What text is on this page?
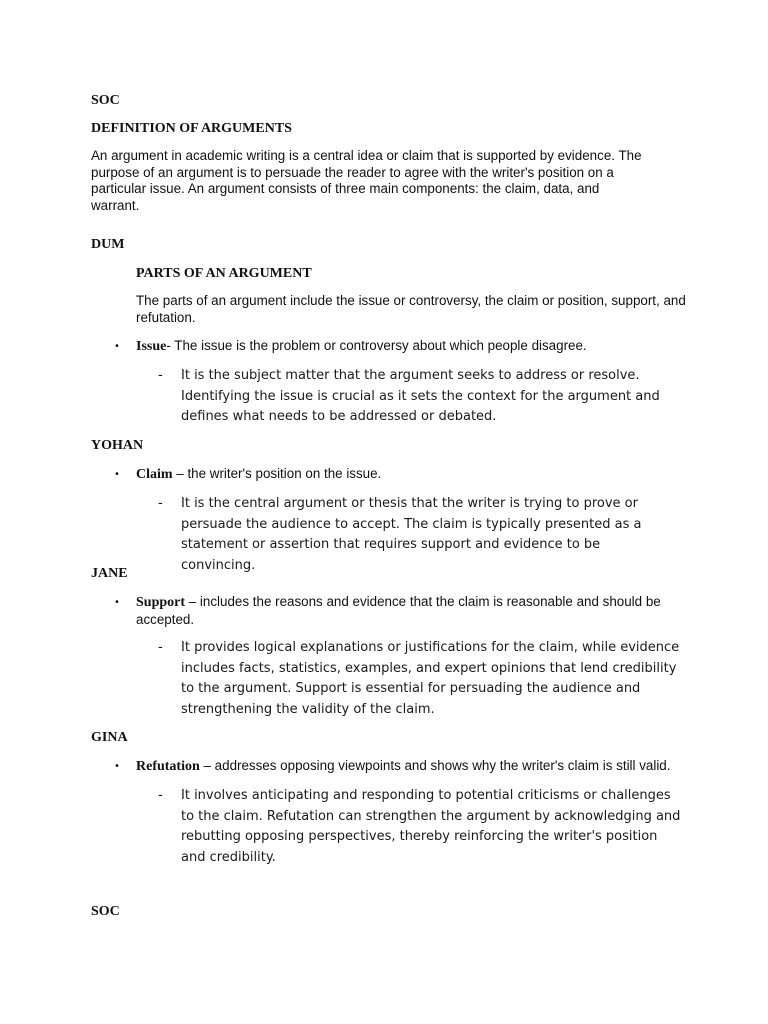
SOC
DEFINITION OF ARGUMENTS
An argument in academic writing is a central idea or claim that is supported by evidence. The purpose of an argument is to persuade the reader to agree with the writer's position on a particular issue. An argument consists of three main components: the claim, data, and warrant.
DUM
PARTS OF AN ARGUMENT
The parts of an argument include the issue or controversy, the claim or position, support, and refutation.
• Issue- The issue is the problem or controversy about which people disagree.
- It is the subject matter that the argument seeks to address or resolve. Identifying the issue is crucial as it sets the context for the argument and defines what needs to be addressed or debated.
YOHAN
• Claim – the writer's position on the issue.
- It is the central argument or thesis that the writer is trying to prove or persuade the audience to accept. The claim is typically presented as a statement or assertion that requires support and evidence to be convincing.
JANE
• Support – includes the reasons and evidence that the claim is reasonable and should be accepted.
- It provides logical explanations or justifications for the claim, while evidence includes facts, statistics, examples, and expert opinions that lend credibility to the argument. Support is essential for persuading the audience and strengthening the validity of the claim.
GINA
• Refutation – addresses opposing viewpoints and shows why the writer's claim is still valid.
- It involves anticipating and responding to potential criticisms or challenges to the claim. Refutation can strengthen the argument by acknowledging and rebutting opposing perspectives, thereby reinforcing the writer's position and credibility.
SOC
